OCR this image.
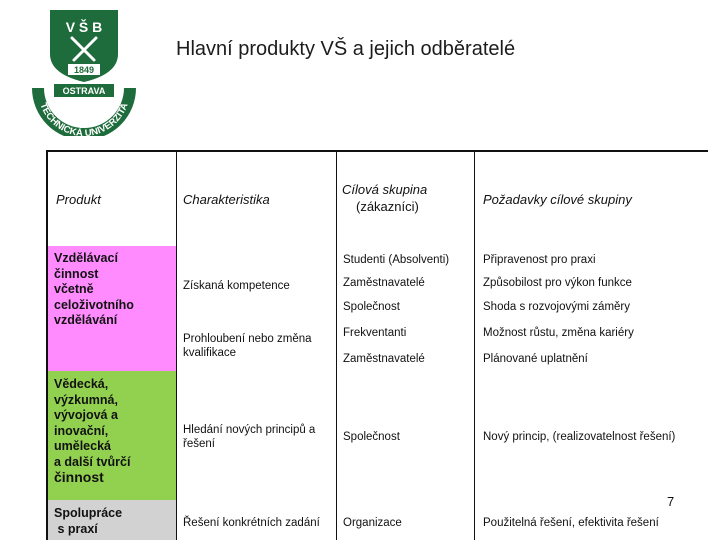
V Š B
1849
OSTRAVA
TECHNICKÁ UNIVERZITA
Hlavní produkty VŠ a jejich odběratelé
Produkt	Charakteristika
Cílová skupina
(zákazníci)	Požadavky cílové skupiny
Vzdělávací
činnost
včetně
celoživotního
vzdělávání
Vědecká,
výzkumná,
vývojová a
inovační,
umělecká
a další tvůrčí
činnost
Spolupráce
s praxí
Získaná kompetence
Prohloubení nebo změna kvalifikace
Hledání nových principů a řešení
Řešení konkrétních zadání
Studenti (Absolventi)
Zaměstnavatelé
Společnost
Frekventanti
Zaměstnavatelé
Společnost
Organizace
Připravenost pro praxi
Způsobilost pro výkon funkce
Shoda s rozvojovými záměry
Možnost růstu, změna kariéry
Plánované uplatnění
Nový princip, (realizovatelnost řešení)
Použitelná řešení, efektivita řešení
7
